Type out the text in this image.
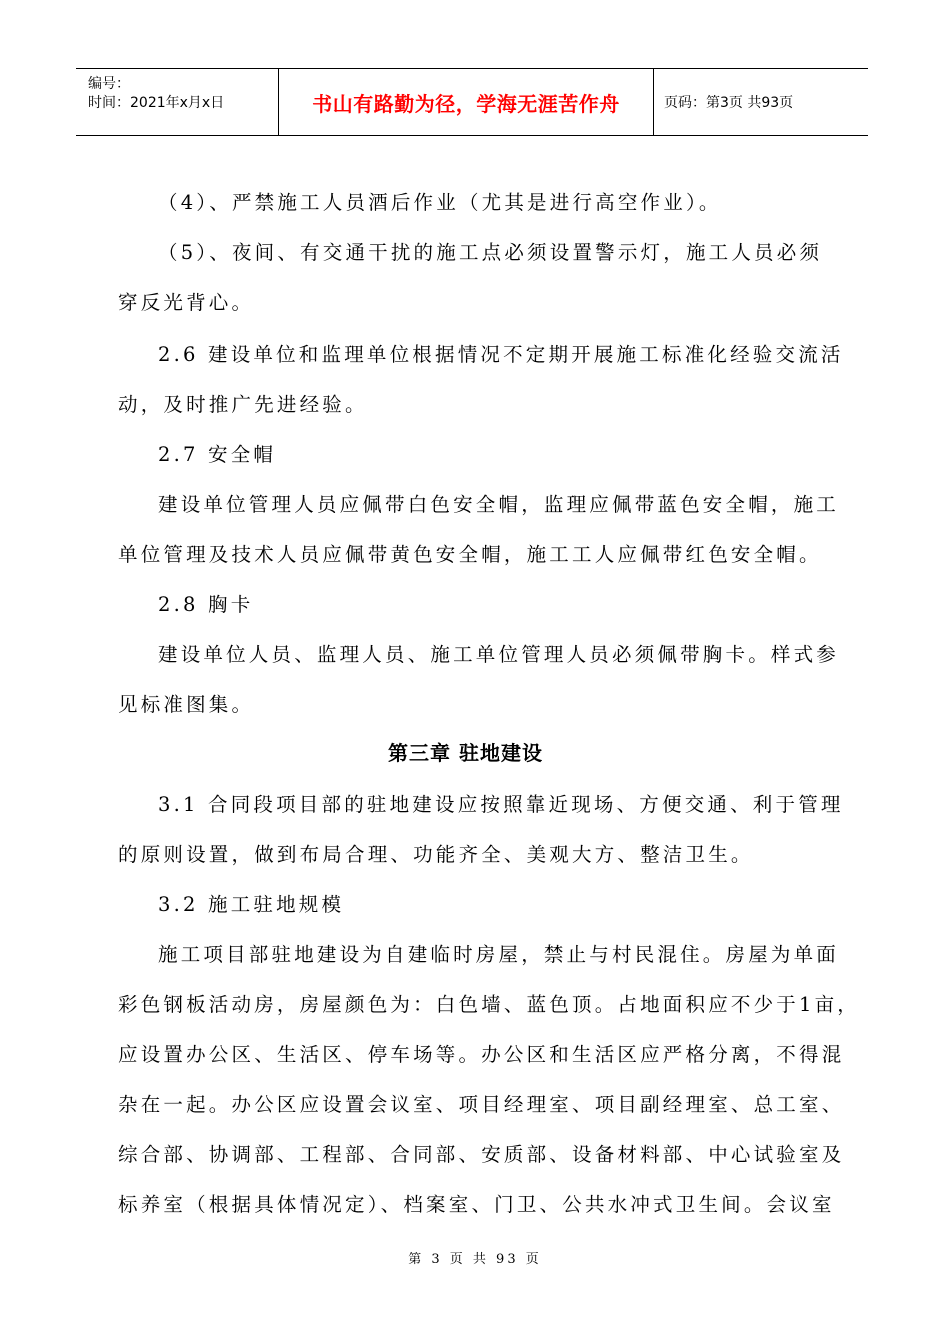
编号：
时间：2021年x月x日	书山有路勤为径，学海无涯苦作舟	页码：第3页 共93页
（4）、严禁施工人员酒后作业（尤其是进行高空作业）。
（5）、夜间、有交通干扰的施工点必须设置警示灯，施工人员必须
穿反光背心。
2.6 建设单位和监理单位根据情况不定期开展施工标准化经验交流活
动，及时推广先进经验。
2.7 安全帽
建设单位管理人员应佩带白色安全帽，监理应佩带蓝色安全帽，施工
单位管理及技术人员应佩带黄色安全帽，施工工人应佩带红色安全帽。
2.8 胸卡
建设单位人员、监理人员、施工单位管理人员必须佩带胸卡。样式参
见标准图集。
第三章 驻地建设
3.1 合同段项目部的驻地建设应按照靠近现场、方便交通、利于管理
的原则设置，做到布局合理、功能齐全、美观大方、整洁卫生。
3.2 施工驻地规模
施工项目部驻地建设为自建临时房屋，禁止与村民混住。房屋为单面
彩色钢板活动房，房屋颜色为：白色墙、蓝色顶。占地面积应不少于1亩，
应设置办公区、生活区、停车场等。办公区和生活区应严格分离，不得混
杂在一起。办公区应设置会议室、项目经理室、项目副经理室、总工室、
综合部、协调部、工程部、合同部、安质部、设备材料部、中心试验室及
标养室（根据具体情况定）、档案室、门卫、公共水冲式卫生间。会议室
第 3 页 共 93 页
